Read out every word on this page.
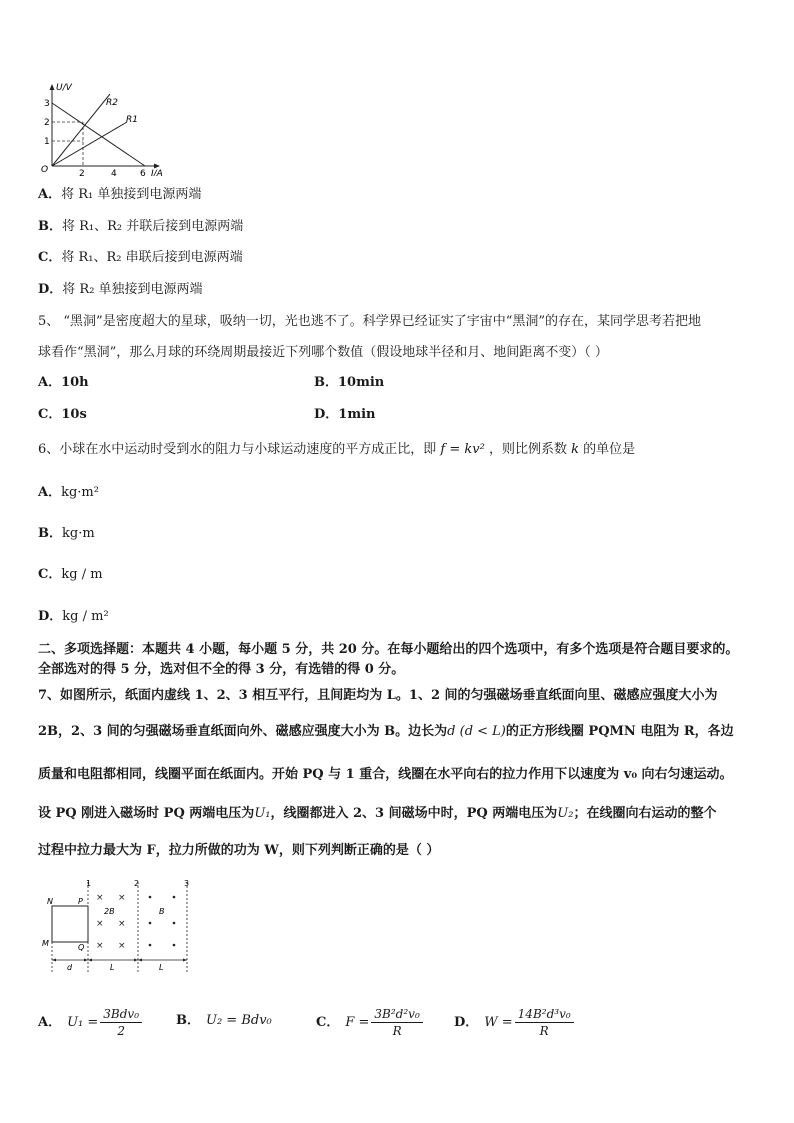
U/V
I/A
O
1
2
3
2	4	6
R2
R1
A．将 R₁ 单独接到电源两端
B．将 R₁、R₂ 并联后接到电源两端
C．将 R₁、R₂ 串联后接到电源两端
D．将 R₂ 单独接到电源两端
5、 “黑洞”是密度超大的星球，吸纳一切，光也逃不了。科学界已经证实了宇宙中“黑洞”的存在，某同学思考若把地
球看作“黑洞”，那么月球的环绕周期最接近下列哪个数值（假设地球半径和月、地间距离不变）（ ）
A．10h	B．10min
C．10s	D．1min
6、小球在水中运动时受到水的阻力与小球运动速度的平方成正比，即 f = kv² ，则比例系数 k 的单位是
A．kg·m²
B．kg·m
C．kg / m
D．kg / m²
二、多项选择题：本题共 4 小题，每小题 5 分，共 20 分。在每小题给出的四个选项中，有多个选项是符合题目要求的。
全部选对的得 5 分，选对但不全的得 3 分，有选错的得 0 分。
7、如图所示，纸面内虚线 1、2、3 相互平行，且间距均为 L。1、2 间的匀强磁场垂直纸面向里、磁感应强度大小为
2B，2、3 间的匀强磁场垂直纸面向外、磁感应强度大小为 B。边长为d (d < L)的正方形线圈 PQMN 电阻为 R，各边
质量和电阻都相同，线圈平面在纸面内。开始 PQ 与 1 重合，线圈在水平向右的拉力作用下以速度为 v₀ 向右匀速运动。
设 PQ 刚进入磁场时 PQ 两端电压为U₁，线圈都进入 2、3 间磁场中时，PQ 两端电压为U₂；在线圈向右运动的整个
过程中拉力最大为 F，拉力所做的功为 W，则下列判断正确的是（ ）
1	2	3
N	P
M	Q
× ×
× ×
× ×
2B	B
d	L	L
A． $U_1 = \frac{\text{3Bdv₀}}{2}$	B． U₂ = Bdv₀	C． $F = \frac{\text{3B²d²v₀}}{R}$ D． $W = \frac{\text{14B²d³v₀}}{R}$
